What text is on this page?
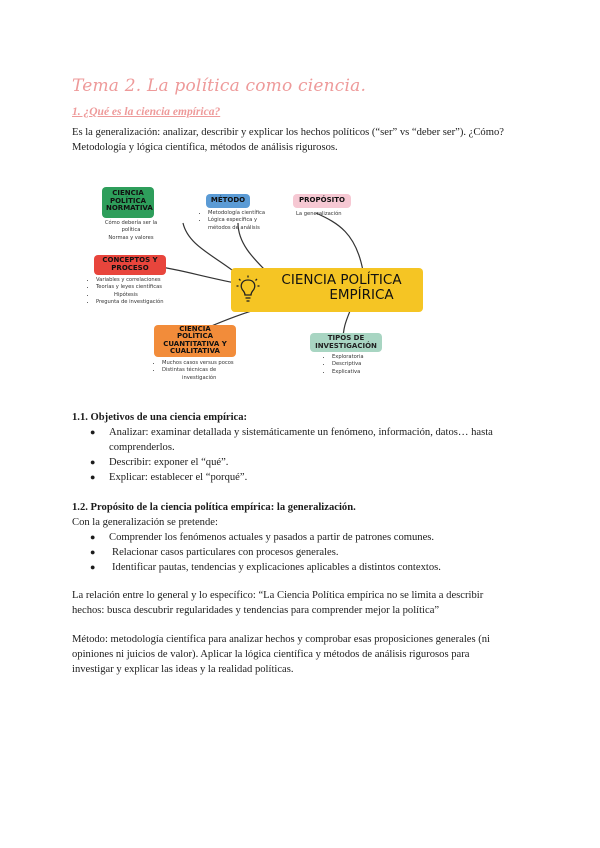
Tema 2. La política como ciencia.
1. ¿Qué es la ciencia empírica?

Es la generalización: analizar, describir y explicar los hechos políticos (“ser” vs “deber ser”). ¿Cómo?
Metodología y lógica científica, métodos de análisis rigurosos.

CIENCIA
POLÍTICA
NORMATIVA
Cómo debería ser la
política
Normas y valores
MÉTODO
• Metodología científica
• Lógica específica y
métodos de análisis
PROPÓSITO
La generalización
CONCEPTOS Y
PROCESO
• Variables y correlaciones
• Teorías y leyes científicas
• Hipótesis
• Pregunta de investigación
CIENCIA POLÍTICA
EMPÍRICA
CIENCIA
POLÍTICA
CUANTITATIVA Y
CUALITATIVA
• Muchos casos versus pocos
• Distintas técnicas de
investigación
TIPOS DE
INVESTIGACIÓN
• Exploratoria
• Descriptiva
• Explicativa

1.1. Objetivos de una ciencia empírica:

● Analizar: examinar detallada y sistemáticamente un fenómeno, información, datos… hasta
comprenderlos.
● Describir: exponer el “qué”.
● Explicar: establecer el “porqué”.

1.2. Propósito de la ciencia política empírica: la generalización.

Con la generalización se pretende:

● Comprender los fenómenos actuales y pasados a partir de patrones comunes.
● Relacionar casos particulares con procesos generales.
● Identificar pautas, tendencias y explicaciones aplicables a distintos contextos.

La relación entre lo general y lo específico: “La Ciencia Política empírica no se limita a describir
hechos: busca descubrir regularidades y tendencias para comprender mejor la política”

Método: metodología científica para analizar hechos y comprobar esas proposiciones generales (ni
opiniones ni juicios de valor). Aplicar la lógica científica y métodos de análisis rigurosos para
investigar y explicar las ideas y la realidad políticas.
